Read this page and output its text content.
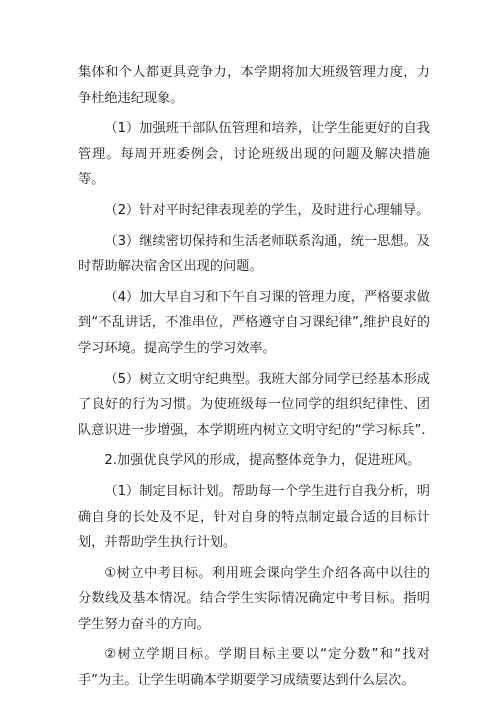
集体和个人都更具竞争力，本学期将加大班级管理力度，力争杜绝违纪现象。

（1）加强班干部队伍管理和培养，让学生能更好的自我管理。每周开班委例会，讨论班级出现的问题及解决措施等。

（2）针对平时纪律表现差的学生，及时进行心理辅导。

（3）继续密切保持和生活老师联系沟通，统一思想。及时帮助解决宿舍区出现的问题。

（4）加大早自习和下午自习课的管理力度，严格要求做到“不乱讲话，不准串位，严格遵守自习课纪律”,维护良好的学习环境。提高学生的学习效率。

（5）树立文明守纪典型。我班大部分同学已经基本形成了良好的行为习惯。为使班级每一位同学的组织纪律性、团队意识进一步增强，本学期班内树立文明守纪的“学习标兵”.

2.加强优良学风的形成，提高整体竞争力，促进班风。

（1）制定目标计划。帮助每一个学生进行自我分析，明确自身的长处及不足，针对自身的特点制定最合适的目标计划，并帮助学生执行计划。

①树立中考目标。利用班会课向学生介绍各高中以往的分数线及基本情况。结合学生实际情况确定中考目标。指明学生努力奋斗的方向。

②树立学期目标。学期目标主要以“定分数”和“找对手”为主。让学生明确本学期要学习成绩要达到什么层次。
